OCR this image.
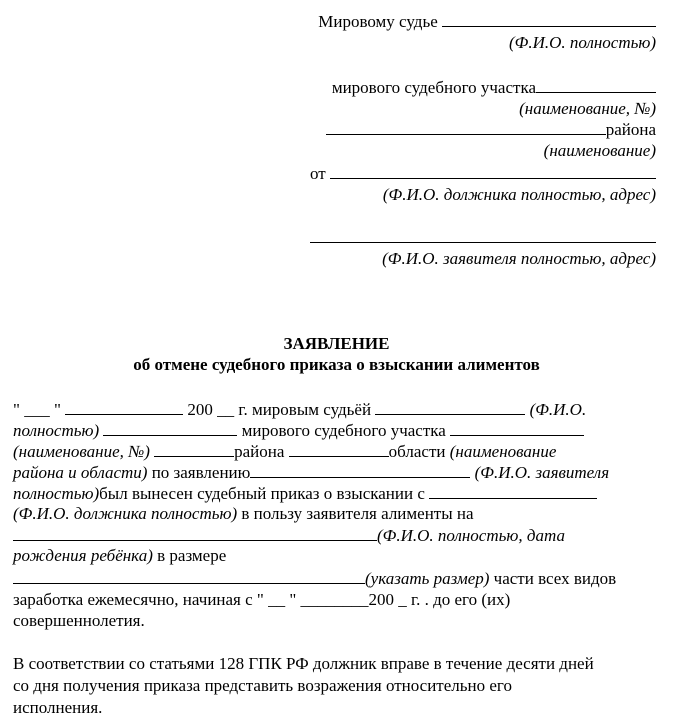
Мировому судье
(Ф.И.О. полностью)
мирового судебного участка
(наименование, №)
района
(наименование)
от
(Ф.И.О. должника полностью, адрес)
(Ф.И.О. заявителя полностью, адрес)
ЗАЯВЛЕНИЕ
об отмене судебного приказа о взыскании алиментов
" ___ "	200 __ г. мировым судьёй	(Ф.И.О.
полностью)	мирового судебного участка
(наименование, №)	района	области (наименование
района и области) по заявлению	(Ф.И.О. заявителя
полностью)был вынесен судебный приказ о взыскании с
(Ф.И.О. должника полностью) в пользу заявителя алименты на
(Ф.И.О. полностью, дата
рождения ребёнка) в размере
(указать размер) части всех видов
заработка ежемесячно, начиная с " __ " ________200 _ г. . до его (их)
совершеннолетия.
В соответствии со статьями 128 ГПК РФ должник вправе в течение десяти дней
со дня получения приказа представить возражения относительно его
исполнения.
